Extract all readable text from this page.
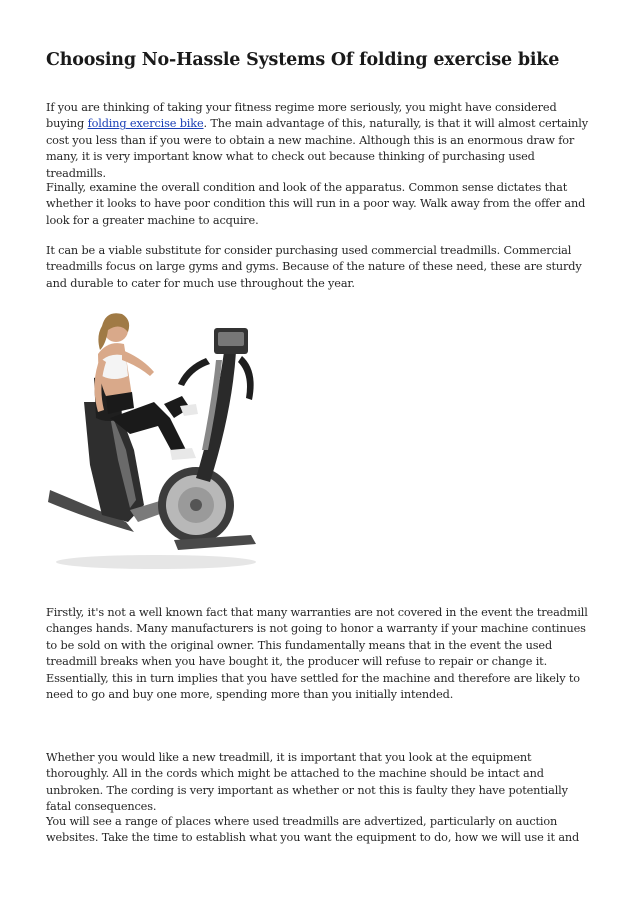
Choosing No-Hassle Systems Of folding exercise bike

If you are thinking of taking your fitness regime more seriously, you might have considered buying folding exercise bike. The main advantage of this, naturally, is that it will almost certainly cost you less than if you were to obtain a new machine. Although this is an enormous draw for many, it is very important know what to check out because thinking of purchasing used treadmills.

Finally, examine the overall condition and look of the apparatus. Common sense dictates that whether it looks to have poor condition this will run in a poor way. Walk away from the offer and look for a greater machine to acquire.

It can be a viable substitute for consider purchasing used commercial treadmills. Commercial treadmills focus on large gyms and gyms. Because of the nature of these need, these are sturdy and durable to cater for much use throughout the year.

Firstly, it's not a well known fact that many warranties are not covered in the event the treadmill changes hands. Many manufacturers is not going to honor a warranty if your machine continues to be sold on with the original owner. This fundamentally means that in the event the used treadmill breaks when you have bought it, the producer will refuse to repair or change it. Essentially, this in turn implies that you have settled for the machine and therefore are likely to need to go and buy one more, spending more than you initially intended.

Whether you would like a new treadmill, it is important that you look at the equipment thoroughly. All in the cords which might be attached to the machine should be intact and unbroken. The cording is very important as whether or not this is faulty they have potentially fatal consequences.

You will see a range of places where used treadmills are advertized, particularly on auction websites. Take the time to establish what you want the equipment to do, how we will use it and
